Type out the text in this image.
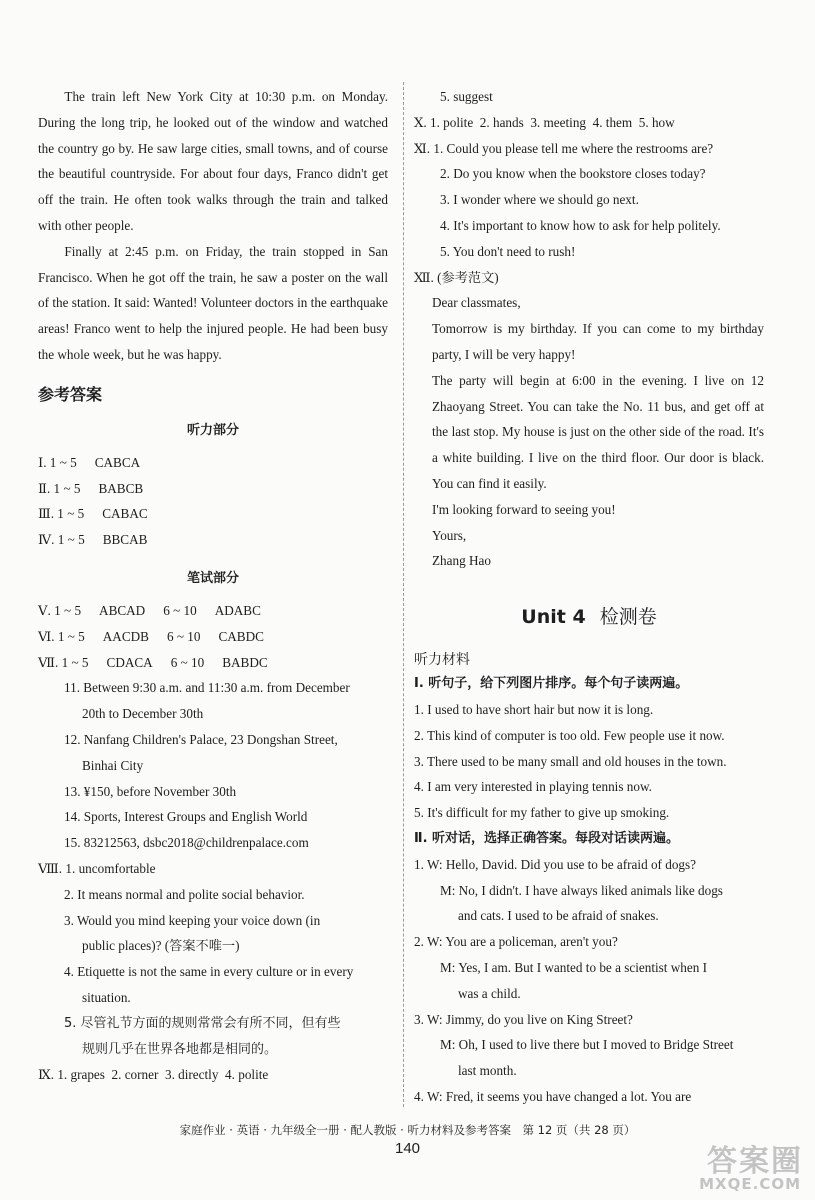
The train left New York City at 10:30 p.m. on Monday. During the long trip, he looked out of the window and watched the country go by. He saw large cities, small towns, and of course the beautiful countryside. For about four days, Franco didn't get off the train. He often took walks through the train and talked with other people.

Finally at 2:45 p.m. on Friday, the train stopped in San Francisco. When he got off the train, he saw a poster on the wall of the station. It said: Wanted! Volunteer doctors in the earthquake areas! Franco went to help the injured people. He had been busy the whole week, but he was happy.

参考答案
听力部分
Ⅰ. 1 ~ 5 CABCA
Ⅱ. 1 ~ 5 BABCB
Ⅲ. 1 ~ 5 CABAC
Ⅳ. 1 ~ 5 BBCAB
笔试部分
Ⅴ. 1 ~ 5 ABCAD 6 ~ 10 ADABC
Ⅵ. 1 ~ 5 AACDB 6 ~ 10 CABDC
Ⅶ. 1 ~ 5 CDACA 6 ~ 10 BABDC
11. Between 9:30 a.m. and 11:30 a.m. from December
20th to December 30th
12. Nanfang Children's Palace, 23 Dongshan Street,
Binhai City
13. ¥150, before November 30th
14. Sports, Interest Groups and English World
15. 83212563, dsbc2018@childrenpalace.com
Ⅷ. 1. uncomfortable
2. It means normal and polite social behavior.
3. Would you mind keeping your voice down (in
public places)? (答案不唯一)
4. Etiquette is not the same in every culture or in every
situation.
5. 尽管礼节方面的规则常常会有所不同，但有些
规则几乎在世界各地都是相同的。
Ⅸ. 1. grapes  2. corner  3. directly  4. polite
5. suggest
Ⅹ. 1. polite  2. hands  3. meeting  4. them  5. how
Ⅺ. 1. Could you please tell me where the restrooms are?
2. Do you know when the bookstore closes today?
3. I wonder where we should go next.
4. It's important to know how to ask for help politely.
5. You don't need to rush!
Ⅻ. (参考范文)
Dear classmates,

Tomorrow is my birthday. If you can come to my birthday party, I will be very happy!

The party will begin at 6:00 in the evening. I live on 12 Zhaoyang Street. You can take the No. 11 bus, and get off at the last stop. My house is just on the other side of the road. It's a white building. I live on the third floor. Our door is black. You can find it easily.

I'm looking forward to seeing you!
Yours,
Zhang Hao
Unit 4 检测卷
听力材料
Ⅰ. 听句子，给下列图片排序。每个句子读两遍。
1. I used to have short hair but now it is long.
2. This kind of computer is too old. Few people use it now.
3. There used to be many small and old houses in the town.
4. I am very interested in playing tennis now.
5. It's difficult for my father to give up smoking.
Ⅱ. 听对话，选择正确答案。每段对话读两遍。
1. W: Hello, David. Did you use to be afraid of dogs?
M: No, I didn't. I have always liked animals like dogs
and cats. I used to be afraid of snakes.
2. W: You are a policeman, aren't you?
M: Yes, I am. But I wanted to be a scientist when I
was a child.
3. W: Jimmy, do you live on King Street?
M: Oh, I used to live there but I moved to Bridge Street
last month.
4. W: Fred, it seems you have changed a lot. You are
家庭作业 · 英语 · 九年级全一册 · 配人教版 · 听力材料及参考答案　第 12 页（共 28 页）
140	答案圈
MXQE.COM
